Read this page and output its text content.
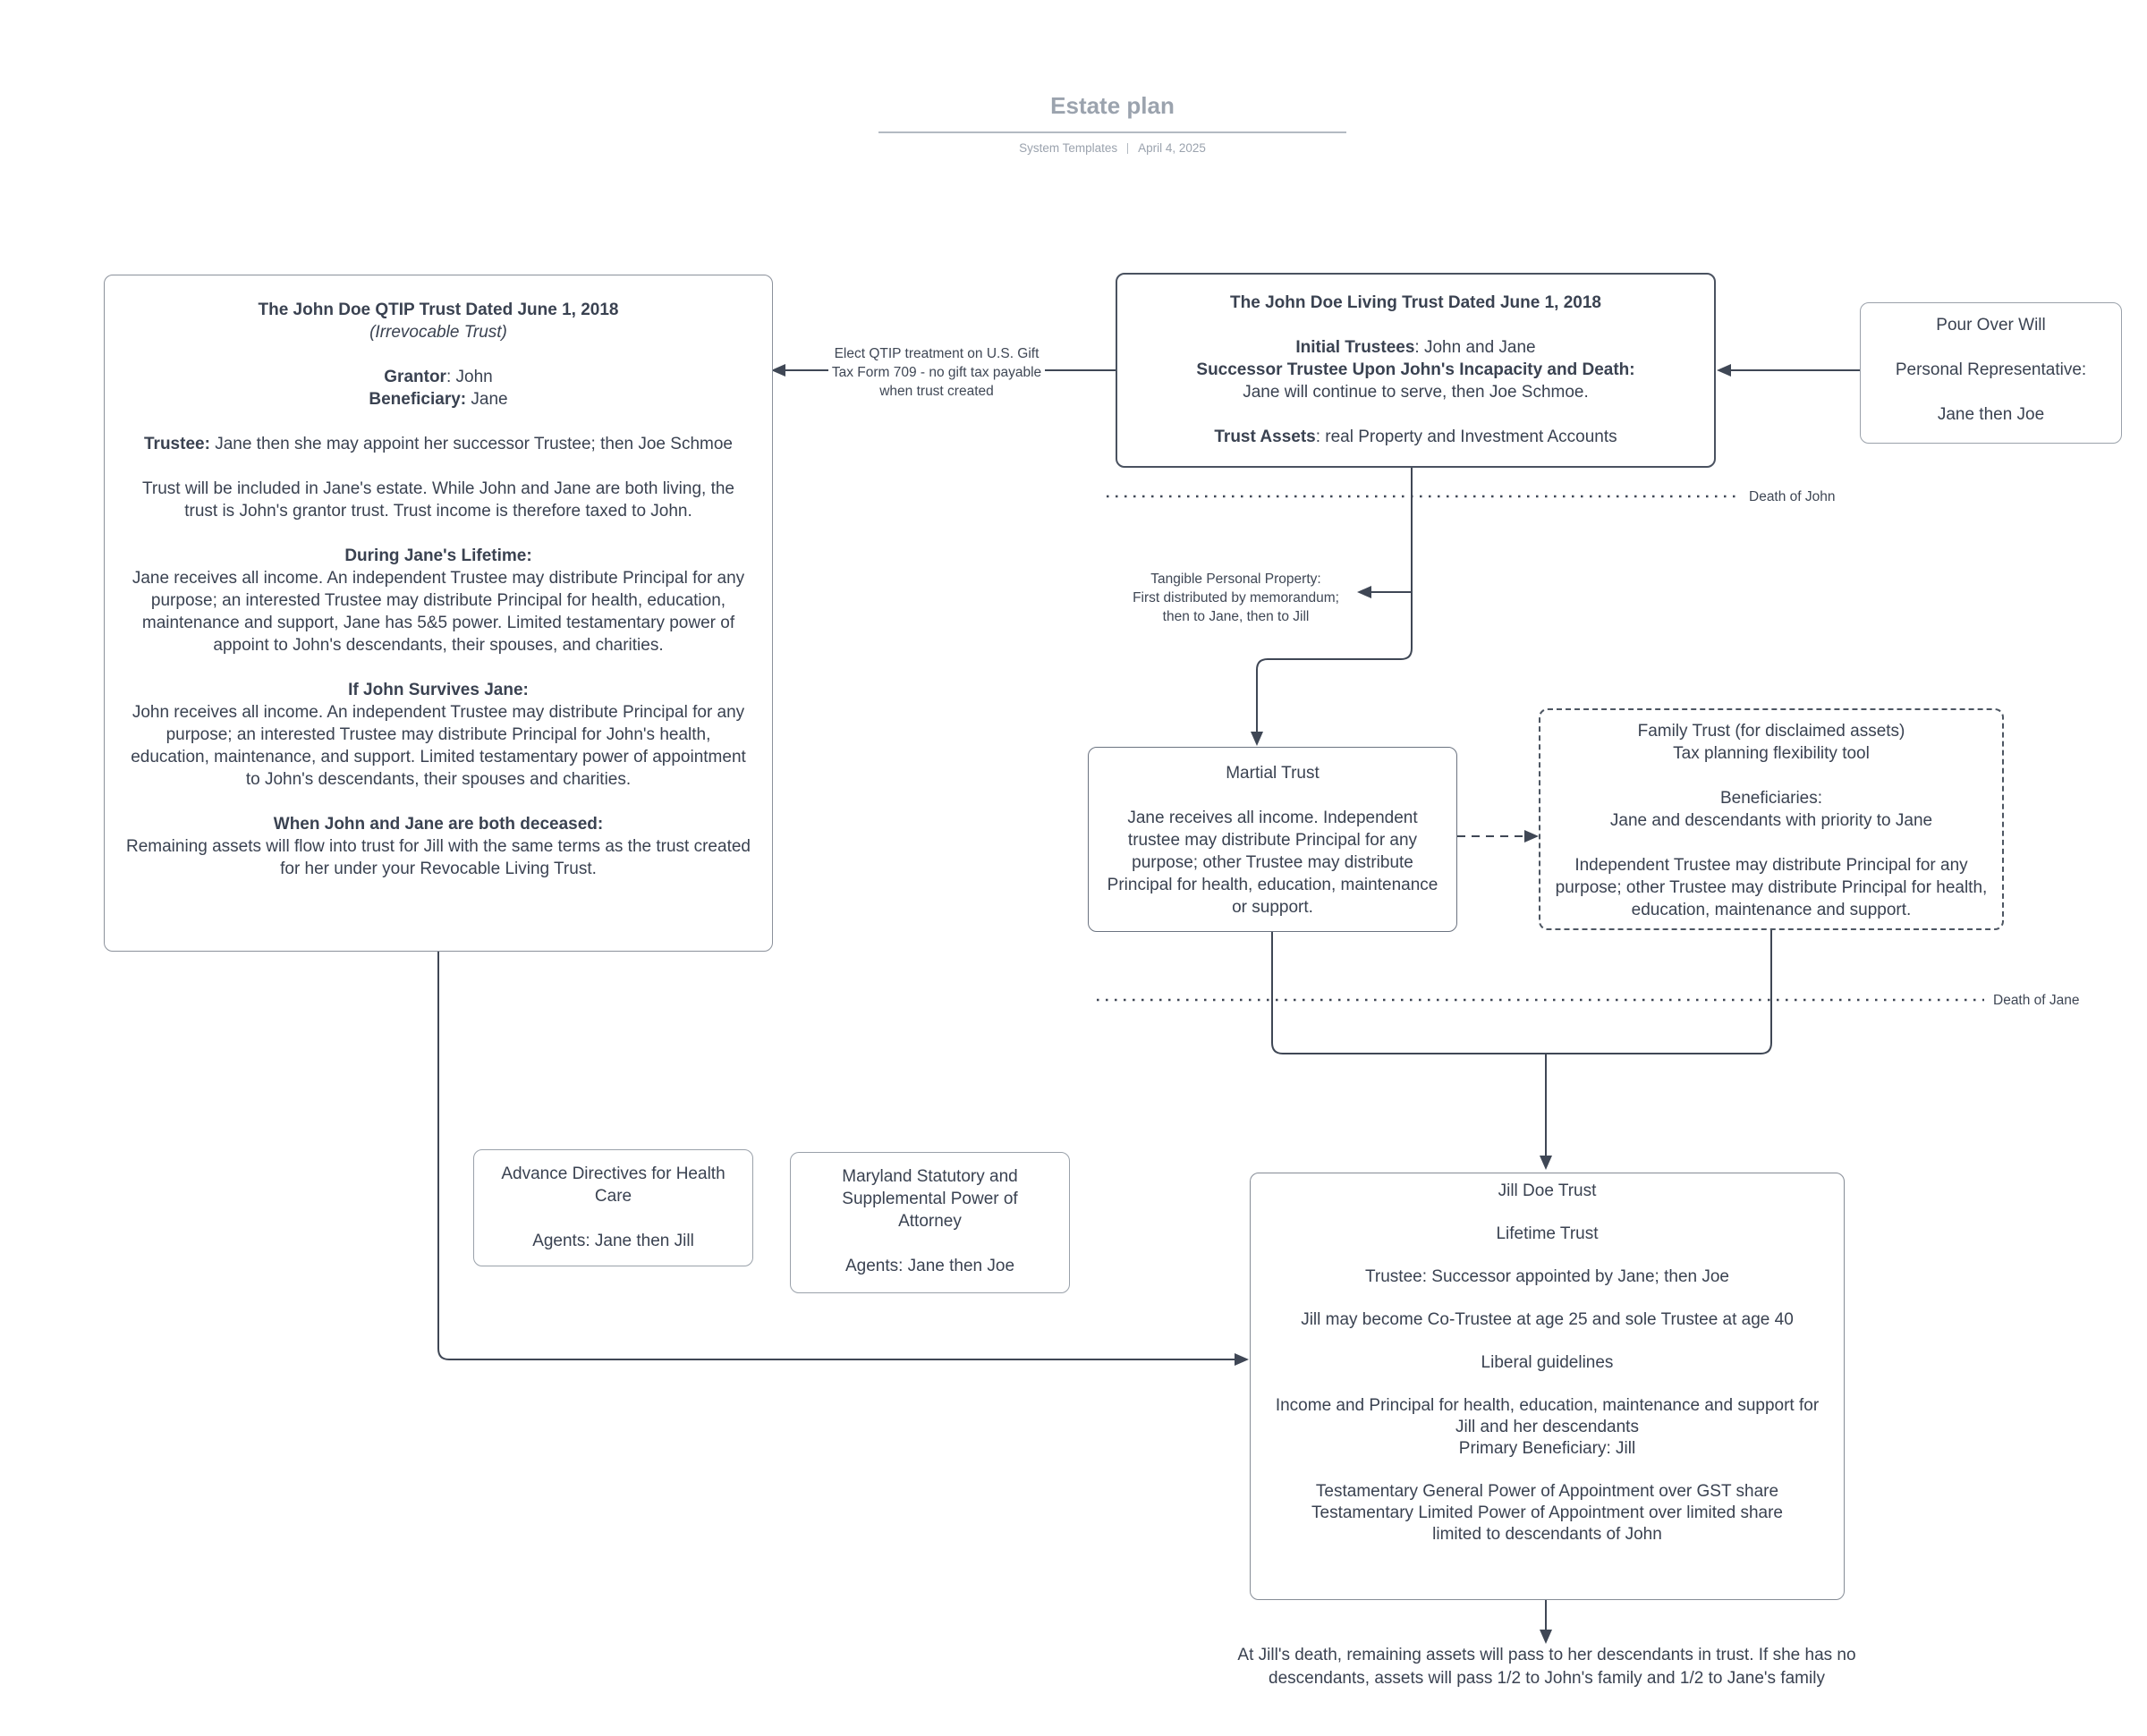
Estate plan
System Templates April 4, 2025
The John Doe QTIP Trust Dated June 1, 2018
(Irrevocable Trust)
Grantor: John
Beneficiary: Jane
Trustee: Jane then she may appoint her successor Trustee; then Joe Schmoe
Trust will be included in Jane's estate. While John and Jane are both living, the trust is John's grantor trust. Trust income is therefore taxed to John.
During Jane's Lifetime:
Jane receives all income. An independent Trustee may distribute Principal for any purpose; an interested Trustee may distribute Principal for health, education, maintenance and support, Jane has 5&5 power. Limited testamentary power of appoint to John's descendants, their spouses, and charities.
If John Survives Jane:
John receives all income. An independent Trustee may distribute Principal for any purpose; an interested Trustee may distribute Principal for John's health, education, maintenance, and support. Limited testamentary power of appointment to John's descendants, their spouses and charities.
When John and Jane are both deceased:
Remaining assets will flow into trust for Jill with the same terms as the trust created for her under your Revocable Living Trust.
The John Doe Living Trust Dated June 1, 2018
Initial Trustees: John and Jane
Successor Trustee Upon John's Incapacity and Death:
Jane will continue to serve, then Joe Schmoe.
Trust Assets: real Property and Investment Accounts
Pour Over Will
Personal Representative:
Jane then Joe
Martial Trust
Jane receives all income. Independent trustee may distribute Principal for any purpose; other Trustee may distribute Principal for health, education, maintenance or support.
Family Trust (for disclaimed assets)
Tax planning flexibility tool
Beneficiaries:
Jane and descendants with priority to Jane
Independent Trustee may distribute Principal for any purpose; other Trustee may distribute Principal for health, education, maintenance and support.
Advance Directives for Health Care
Agents: Jane then Jill
Maryland Statutory and Supplemental Power of Attorney
Agents: Jane then Joe
Jill Doe Trust
Lifetime Trust
Trustee: Successor appointed by Jane; then Joe
Jill may become Co-Trustee at age 25 and sole Trustee at age 40
Liberal guidelines
Income and Principal for health, education, maintenance and support for Jill and her descendants
Primary Beneficiary: Jill
Testamentary General Power of Appointment over GST share
Testamentary Limited Power of Appointment over limited share
limited to descendants of John
Elect QTIP treatment on U.S. Gift
Tax Form 709 - no gift tax payable
when trust created
Tangible Personal Property:
First distributed by memorandum;
then to Jane, then to Jill
Death of John
Death of Jane
At Jill's death, remaining assets will pass to her descendants in trust. If she has no descendants, assets will pass 1/2 to John's family and 1/2 to Jane's family
